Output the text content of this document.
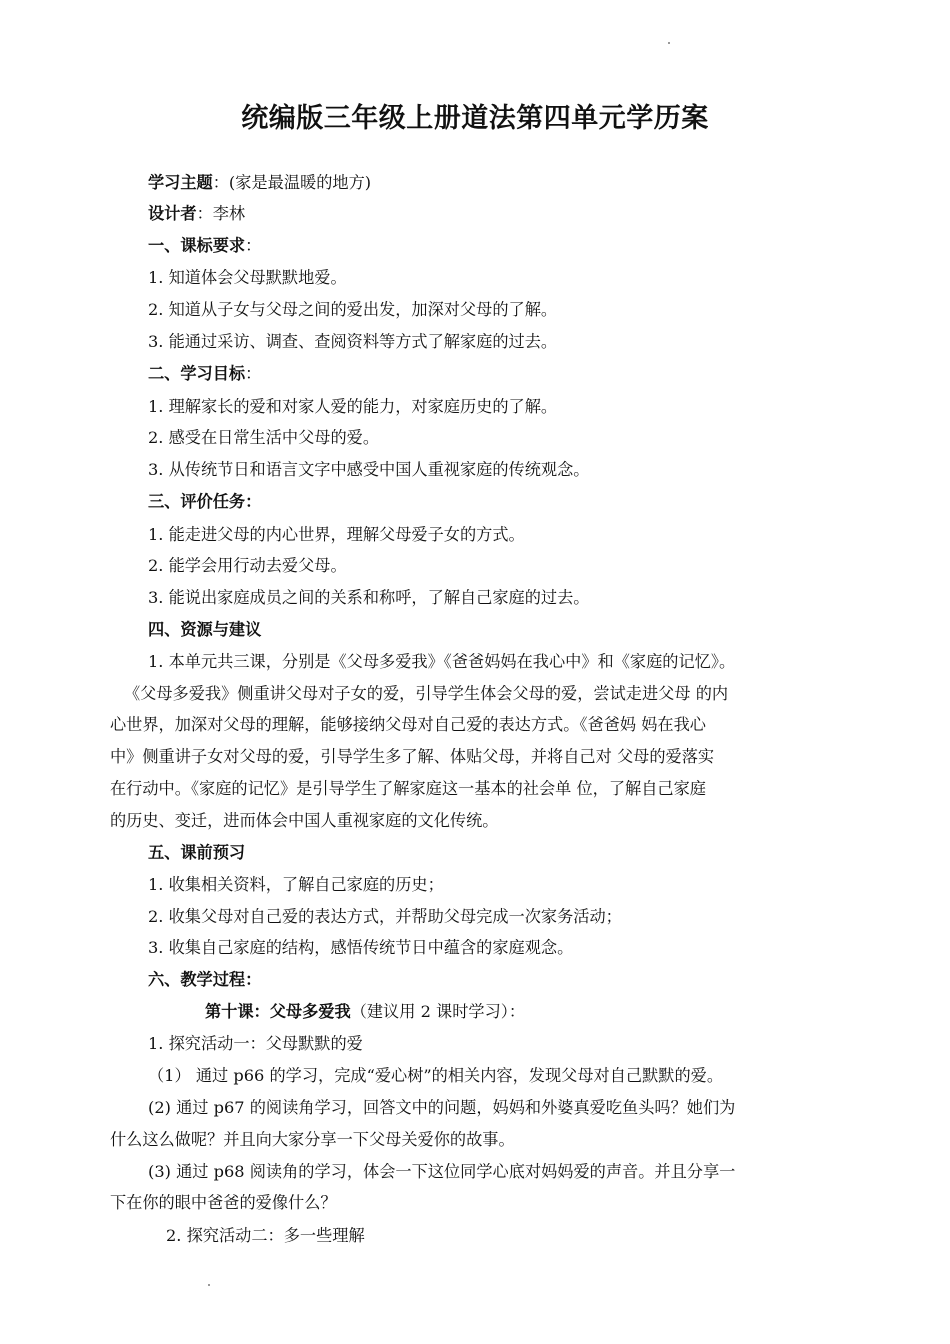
统编版三年级上册道法第四单元学历案
学习主题：(家是最温暖的地方)
设计者：李林
一、课标要求：
1. 知道体会父母默默地爱。
2. 知道从子女与父母之间的爱出发，加深对父母的了解。
3. 能通过采访、调查、查阅资料等方式了解家庭的过去。
二、学习目标：
1. 理解家长的爱和对家人爱的能力，对家庭历史的了解。
2. 感受在日常生活中父母的爱。
3. 从传统节日和语言文字中感受中国人重视家庭的传统观念。
三、评价任务：
1. 能走进父母的内心世界，理解父母爱子女的方式。
2. 能学会用行动去爱父母。
3. 能说出家庭成员之间的关系和称呼，了解自己家庭的过去。
四、资源与建议
1. 本单元共三课，分别是《父母多爱我》《爸爸妈妈在我心中》和《家庭的记忆》。
《父母多爱我》侧重讲父母对子女的爱，引导学生体会父母的爱，尝试走进父母 的内
心世界，加深对父母的理解，能够接纳父母对自己爱的表达方式。《爸爸妈 妈在我心
中》侧重讲子女对父母的爱，引导学生多了解、体贴父母，并将自己对 父母的爱落实
在行动中。《家庭的记忆》是引导学生了解家庭这一基本的社会单 位，了解自己家庭
的历史、变迁，进而体会中国人重视家庭的文化传统。
五、课前预习
1. 收集相关资料，了解自己家庭的历史；
2. 收集父母对自己爱的表达方式，并帮助父母完成一次家务活动；
3. 收集自己家庭的结构，感悟传统节日中蕴含的家庭观念。
六、教学过程：
第十课：父母多爱我（建议用 2 课时学习）：
1. 探究活动一：父母默默的爱
（1） 通过 p66 的学习，完成“爱心树”的相关内容，发现父母对自己默默的爱。
(2) 通过 p67 的阅读角学习，回答文中的问题，妈妈和外婆真爱吃鱼头吗？她们为
什么这么做呢？并且向大家分享一下父母关爱你的故事。
(3) 通过 p68 阅读角的学习，体会一下这位同学心底对妈妈爱的声音。并且分享一
下在你的眼中爸爸的爱像什么？
2. 探究活动二：多一些理解
